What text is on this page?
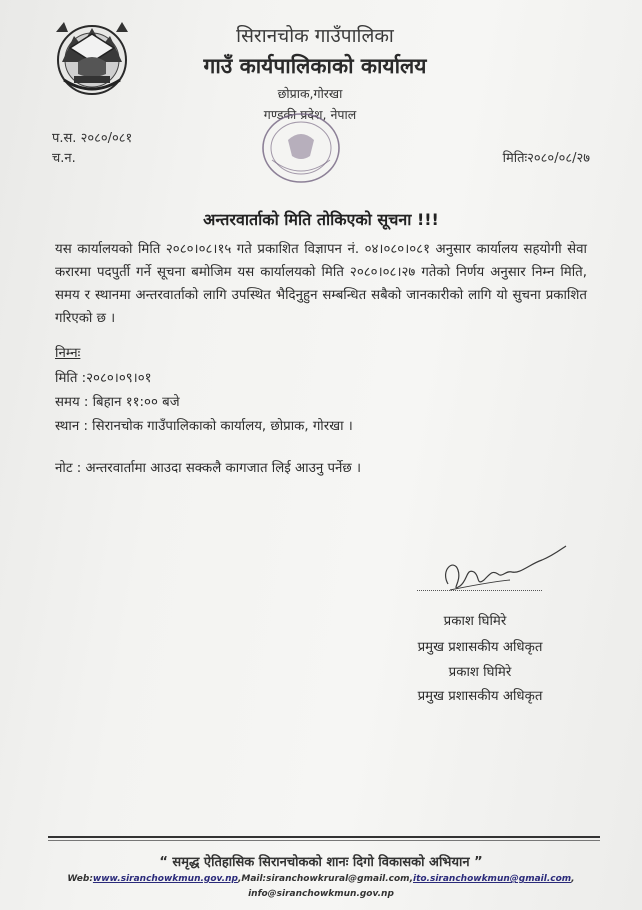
सिरानचोक गाउँपालिका
गाउँ कार्यपालिकाको कार्यालय
छोप्राक,गोरखा
गण्डकी प्रदेश, नेपाल
प.स. २०८०/०८१
च.न.	मितिः२०८०/०८/२७
अन्तरवार्ताको मिति तोकिएको सूचना !!!
यस कार्यालयको मिति २०८०।०८।१५ गते प्रकाशित विज्ञापन नं. ०४।०८०।०८१ अनुसार कार्यालय सहयोगी सेवा करारमा पदपुर्ती गर्ने सूचना बमोजिम यस कार्यालयको मिति २०८०।०८।२७ गतेको निर्णय अनुसार निम्न मिति, समय र स्थानमा अन्तरवार्ताको लागि उपस्थित भैदिनुहुन सम्बन्धित सबैको जानकारीको लागि यो सुचना प्रकाशित गरिएको छ ।
निम्नः
मिति :२०८०।०९।०१
समय : बिहान ११:०० बजे
स्थान : सिरानचोक गाउँपालिकाको कार्यालय, छोप्राक, गोरखा ।
नोट : अन्तरवार्तामा आउदा सक्कलै कागजात लिई आउनु पर्नेछ ।
प्रकाश घिमिरे
प्रमुख प्रशासकीय अधिकृत
प्रकाश घिमिरे
प्रमुख प्रशासकीय अधिकृत
“ समृद्ध ऐतिहासिक सिरानचोकको शानः दिगो विकासको अभियान ”
Web:www.siranchowkmun.gov.np,Mail:siranchowkrural@gmail.com,ito.siranchowkmun@gmail.com,
info@siranchowkmun.gov.np
